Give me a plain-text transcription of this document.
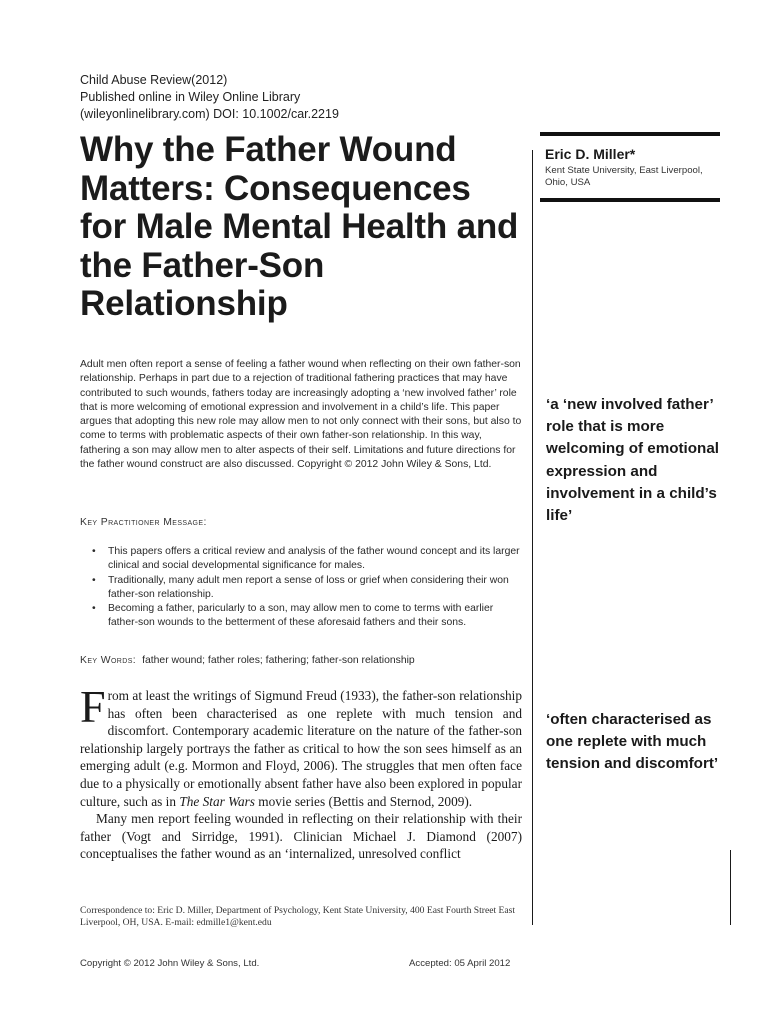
Child Abuse Review(2012)
Published online in Wiley Online Library
(wileyonlinelibrary.com) DOI: 10.1002/car.2219
Why the Father Wound Matters: Consequences for Male Mental Health and the Father-Son Relationship

Adult men often report a sense of feeling a father wound when reflecting on their own father-son relationship. Perhaps in part due to a rejection of traditional fathering practices that may have contributed to such wounds, fathers today are increasingly adopting a ‘new involved father’ role that is more welcoming of emotional expression and involvement in a child’s life. This paper argues that adopting this new role may allow men to not only connect with their sons, but also to come to terms with problematic aspects of their own father-son relationship. In this way, fathering a son may allow men to alter aspects of their self. Limitations and future directions for the father wound construct are also discussed. Copyright © 2012 John Wiley & Sons, Ltd.

Key Practitioner Message:
• This papers offers a critical review and analysis of the father wound concept and its larger clinical and social developmental significance for males.
• Traditionally, many adult men report a sense of loss or grief when considering their won father-son relationship.
• Becoming a father, paricularly to a son, may allow men to come to terms with earlier father-son wounds to the betterment of these aforesaid fathers and their sons.
Key Words: father wound; father roles; fathering; father-son relationship

From at least the writings of Sigmund Freud (1933), the father-son relationship has often been characterised as one replete with much tension and discomfort. Contemporary academic literature on the nature of the father-son relationship largely portrays the father as critical to how the son sees himself as an emerging adult (e.g. Mormon and Floyd, 2006). The struggles that men often face due to a physically or emotionally absent father have also been explored in popular culture, such as in The Star Wars movie series (Bettis and Sternod, 2009).

Many men report feeling wounded in reflecting on their relationship with their father (Vogt and Sirridge, 1991). Clinician Michael J. Diamond (2007) conceptualises the father wound as an ‘internalized, unresolved conflict

Correspondence to: Eric D. Miller, Department of Psychology, Kent State University, 400 East Fourth Street East Liverpool, OH, USA. E-mail: edmille1@kent.edu
Copyright © 2012 John Wiley & Sons, Ltd.	Accepted: 05 April 2012
Eric D. Miller*
Kent State University, East Liverpool, Ohio, USA

‘a ‘new involved father’ role that is more welcoming of emotional expression and involvement in a child’s life’

‘often characterised as one replete with much tension and discomfort’
